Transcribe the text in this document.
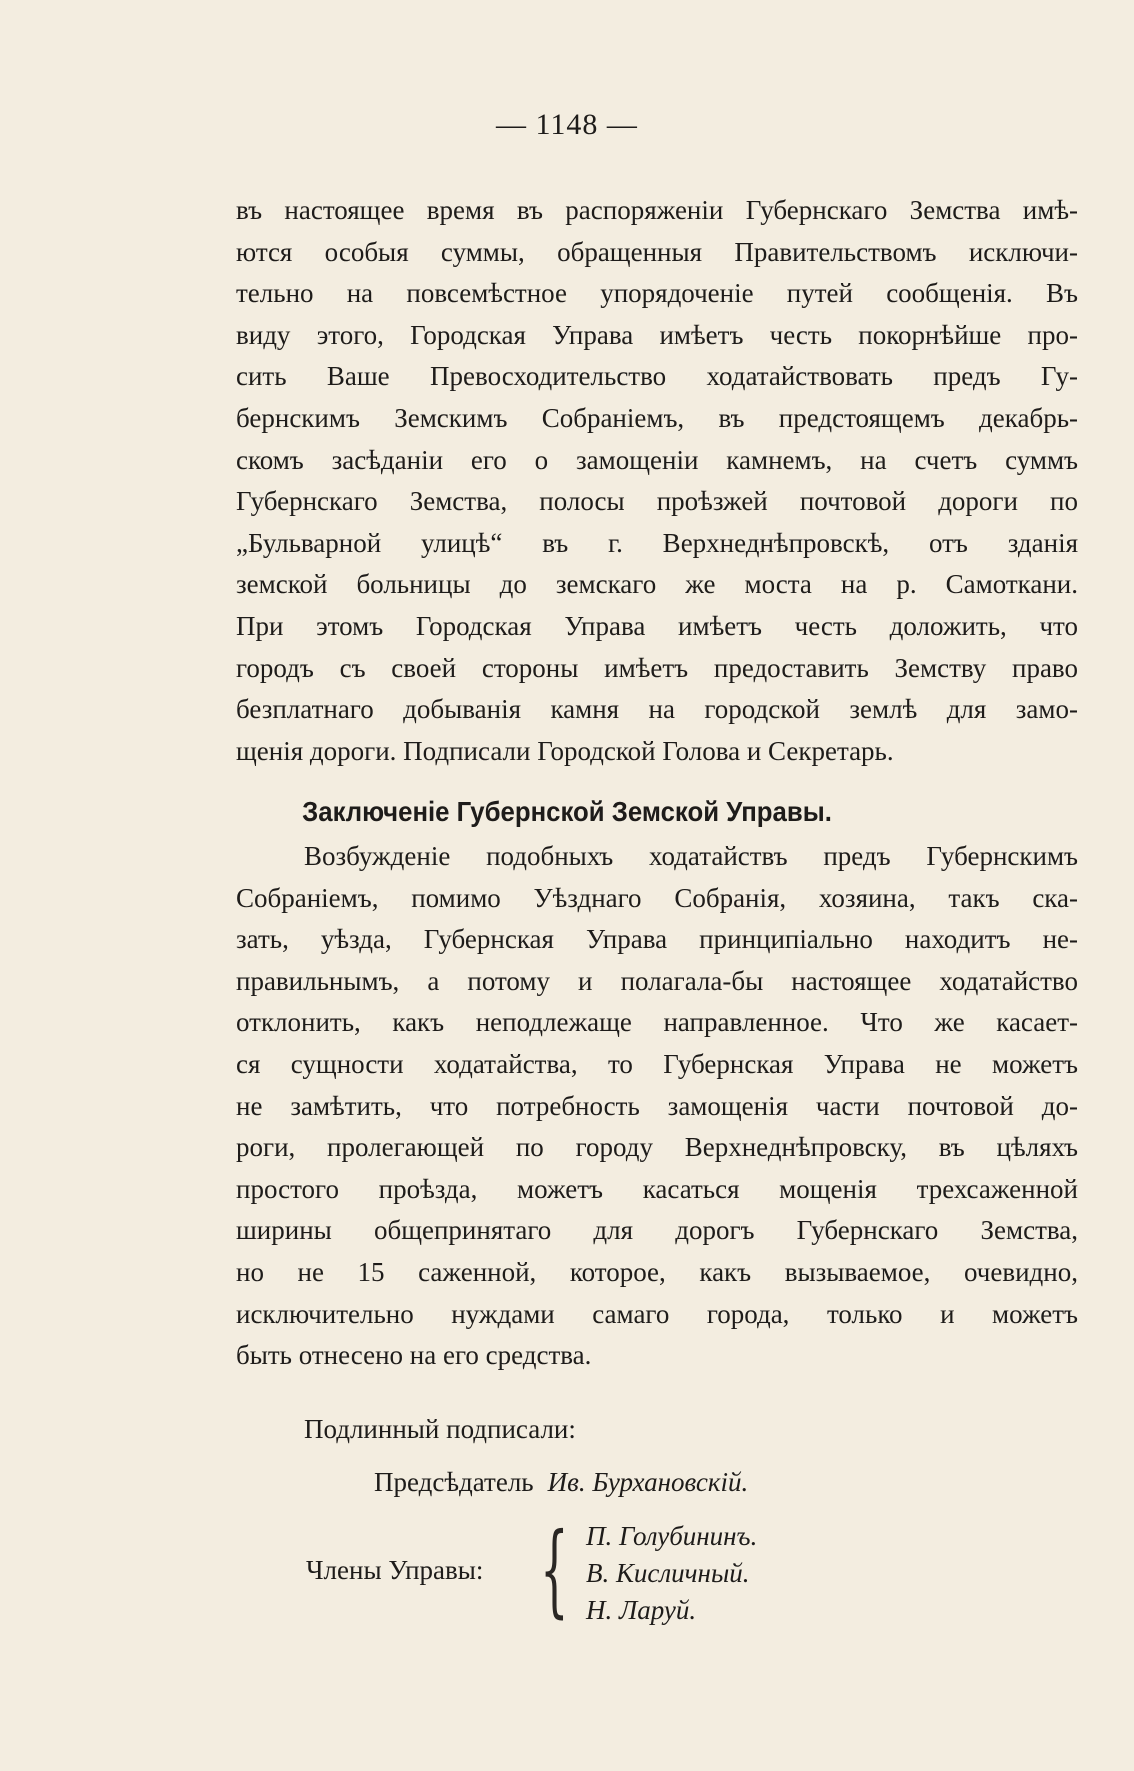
— 1148 —
въ настоящее время въ распоряженіи Губернскаго Земства имѣ-
ются особыя суммы, обращенныя Правительствомъ исключи-
тельно на повсемѣстное упорядоченіе путей сообщенія. Въ
виду этого, Городская Управа имѣетъ честь покорнѣйше про-
сить Ваше Превосходительство ходатайствовать предъ Гу-
бернскимъ Земскимъ Собраніемъ, въ предстоящемъ декабрь-
скомъ засѣданіи его о замощеніи камнемъ, на счетъ суммъ
Губернскаго Земства, полосы проѣзжей почтовой дороги по
„Бульварной улицѣ“ въ г. Верхнеднѣпровскѣ, отъ зданія
земской больницы до земскаго же моста на р. Самоткани.
При этомъ Городская Управа имѣетъ честь доложить, что
городъ съ своей стороны имѣетъ предоставить Земству право
безплатнаго добыванія камня на городской землѣ для замо-
щенія дороги. Подписали Городской Голова и Секретарь.
Заключеніе Губернской Земской Управы.
Возбужденіе подобныхъ ходатайствъ предъ Губернскимъ
Собраніемъ, помимо Уѣзднаго Собранія, хозяина, такъ ска-
зать, уѣзда, Губернская Управа принципіально находитъ не-
правильнымъ, а потому и полагала-бы настоящее ходатайство
отклонить, какъ неподлежаще направленное. Что же касает-
ся сущности ходатайства, то Губернская Управа не можетъ
не замѣтить, что потребность замощенія части почтовой до-
роги, пролегающей по городу Верхнеднѣпровску, въ цѣляхъ
простого проѣзда, можетъ касаться мощенія трехсаженной
ширины общепринятаго для дорогъ Губернскаго Земства,
но не 15 саженной, которое, какъ вызываемое, очевидно,
исключительно нуждами самаго города, только и можетъ
быть отнесено на его средства.
Подлинный подписали:
Предсѣдатель Ив. Бурхановскій.
Члены Управы: { П. Голубининъ.
В. Кисличный.
Н. Ларуй.
